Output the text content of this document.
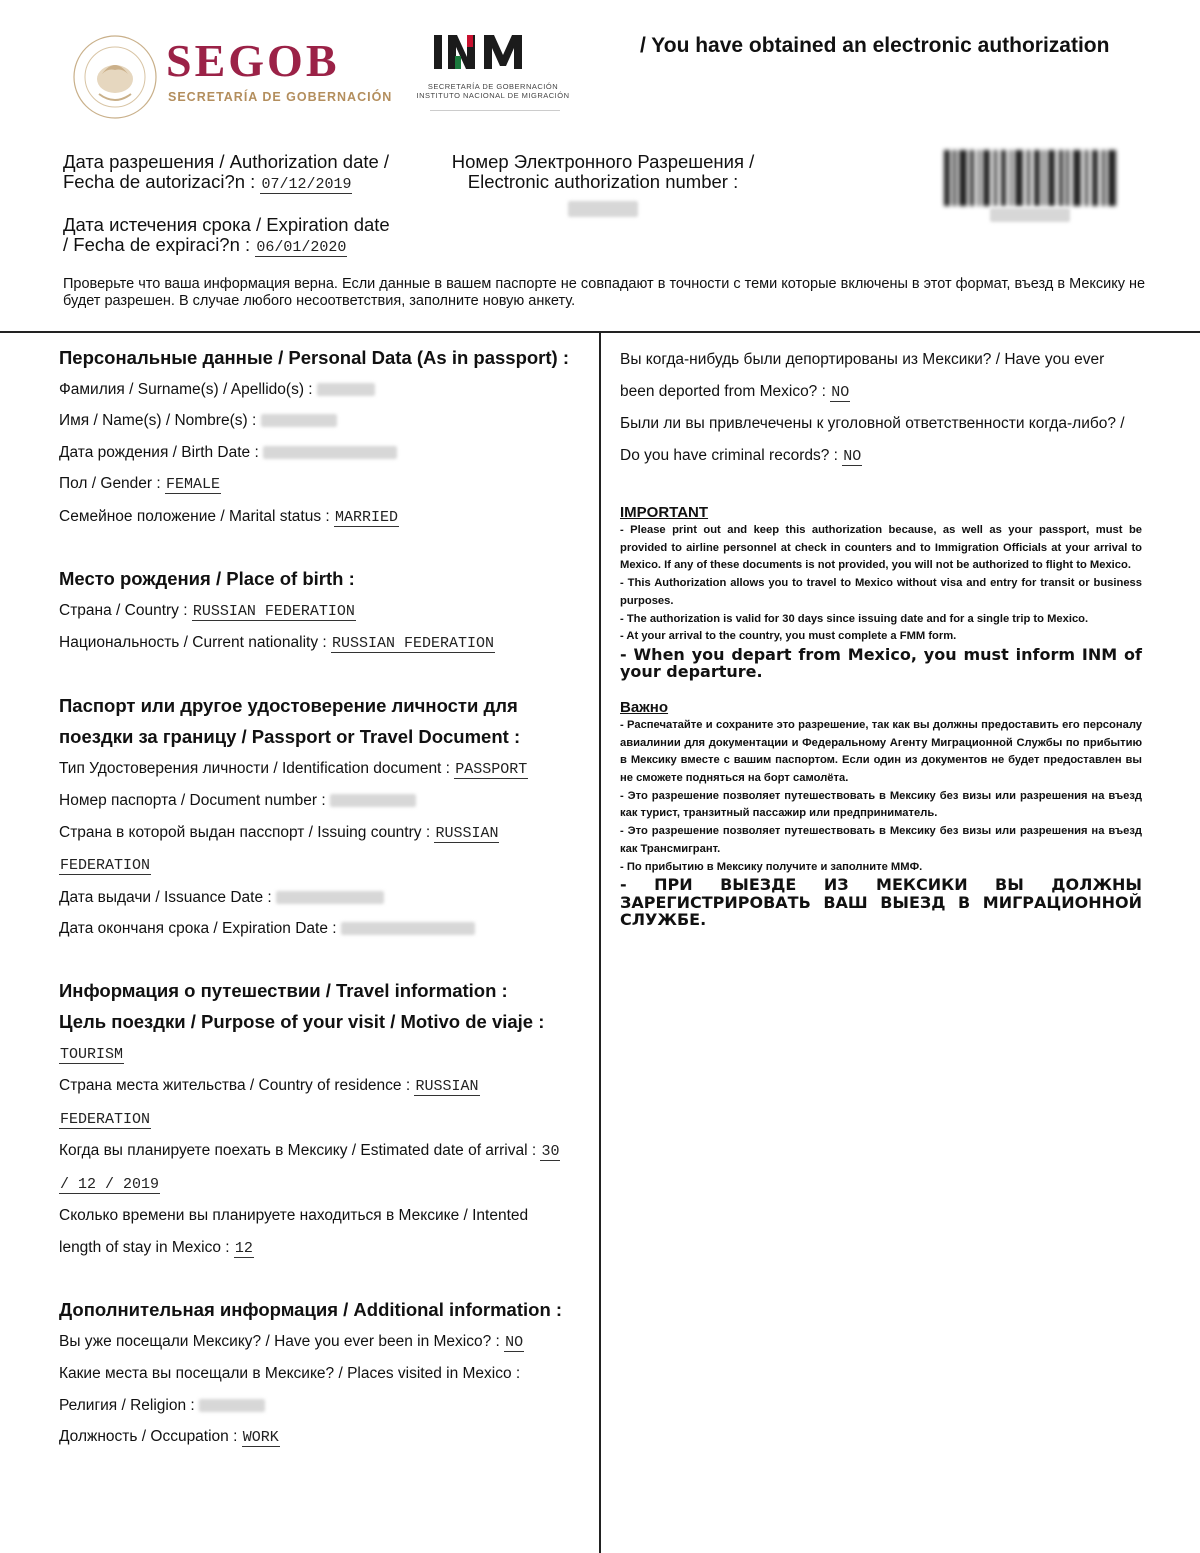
SEGOB
SECRETARÍA DE GOBERNACIÓN
SECRETARÍA DE GOBERNACIÓN
INSTITUTO NACIONAL DE MIGRACIÓN
/ You have obtained an electronic authorization
Дата разрешения / Authorization date /
Fecha de autorizaci?n : 07/12/2019
Дата истечения срока / Expiration date
/ Fecha de expiraci?n : 06/01/2020
Номер Электронного Разрешения /
Electronic authorization number :
Проверьте что ваша информация верна. Если данные в вашем паспорте не совпадают в точности с теми которые включены в этот формат, въезд в Мексику не будет разрешен. В случае любого несоответствия, заполните новую анкету.
Персональные данные / Personal Data (As in passport) :
Фамилия / Surname(s) / Apellido(s) :
Имя / Name(s) / Nombre(s) :
Дата рождения / Birth Date :
Пол / Gender : FEMALE
Семейное положение / Marital status : MARRIED
Место рождения / Place of birth :
Страна / Country : RUSSIAN FEDERATION
Национальность / Current nationality : RUSSIAN FEDERATION
Паспорт или другое удостоверение личности для поездки за границу / Passport or Travel Document :
Тип Удостоверения личности / Identification document : PASSPORT
Номер паспорта / Document number :
Страна в которой выдан пасспорт / Issuing country : RUSSIAN
FEDERATION
Дата выдачи / Issuance Date :
Дата окончаня срока / Expiration Date :
Информация о путешествии / Travel information :
Цель поездки / Purpose of your visit / Motivo de viaje :
TOURISM
Страна места жительства / Country of residence : RUSSIAN
FEDERATION
Когда вы планируете поехать в Мексику / Estimated date of arrival : 30
/ 12 / 2019
Сколько времени вы планируете находиться в Мексике / Intented
length of stay in Mexico : 12
Дополнительная информация / Additional information :
Вы уже посещали Мексику? / Have you ever been in Mexico? : NO
Какие места вы посещали в Мексике? / Places visited in Mexico :
Религия / Religion :
Должность / Occupation : WORK
Вы когда-нибудь были депортированы из Мексики? / Have you ever
been deported from Mexico? : NO
Были ли вы привлечечены к уголовной ответственности когда-либо? /
Do you have criminal records? : NO
IMPORTANT
- Please print out and keep this authorization because, as well as your passport, must be provided to airline personnel at check in counters and to Immigration Officials at your arrival to Mexico. If any of these documents is not provided, you will not be authorized to flight to Mexico.
- This Authorization allows you to travel to Mexico without visa and entry for transit or business purposes.
- The authorization is valid for 30 days since issuing date and for a single trip to Mexico.
- At your arrival to the country, you must complete a FMM form.
- When you depart from Mexico, you must inform INM of your departure.
Важно
- Распечатайте и сохраните это разрешение, так как вы должны предоставить его персоналу авиалинии для документации и Федеральному Агенту Миграционной Службы по прибытию в Мексику вместе с вашим паспортом. Если один из документов не будет предоставлен вы не сможете подняться на борт самолёта.
- Это разрешение позволяет путешествовать в Мексику без визы или разрешения на въезд как турист, транзитный пассажир или предприниматель.
- Это разрешение позволяет путешествовать в Мексику без визы или разрешения на въезд как Трансмигрант.
- По прибытию в Мексику получите и заполните ММФ.
- ПРИ ВЫЕЗДЕ ИЗ МЕКСИКИ ВЫ ДОЛЖНЫ ЗАРЕГИСТРИРОВАТЬ ВАШ ВЫЕЗД В МИГРАЦИОННОЙ СЛУЖБЕ.
